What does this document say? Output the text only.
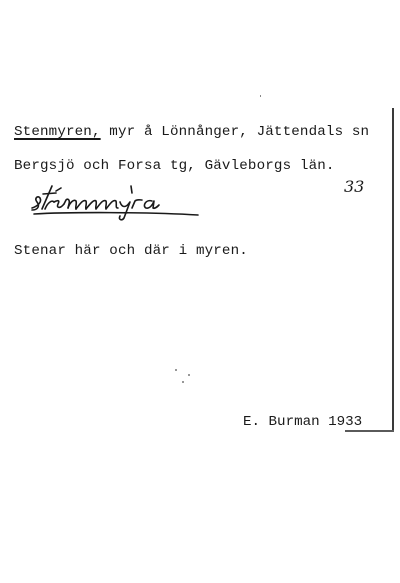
Stenmyren, myr å Lönnånger, Jättendals sn
Bergsjö och Forsa tg, Gävleborgs län.
33
Stenar här och där i myren.
E. Burman 1933
